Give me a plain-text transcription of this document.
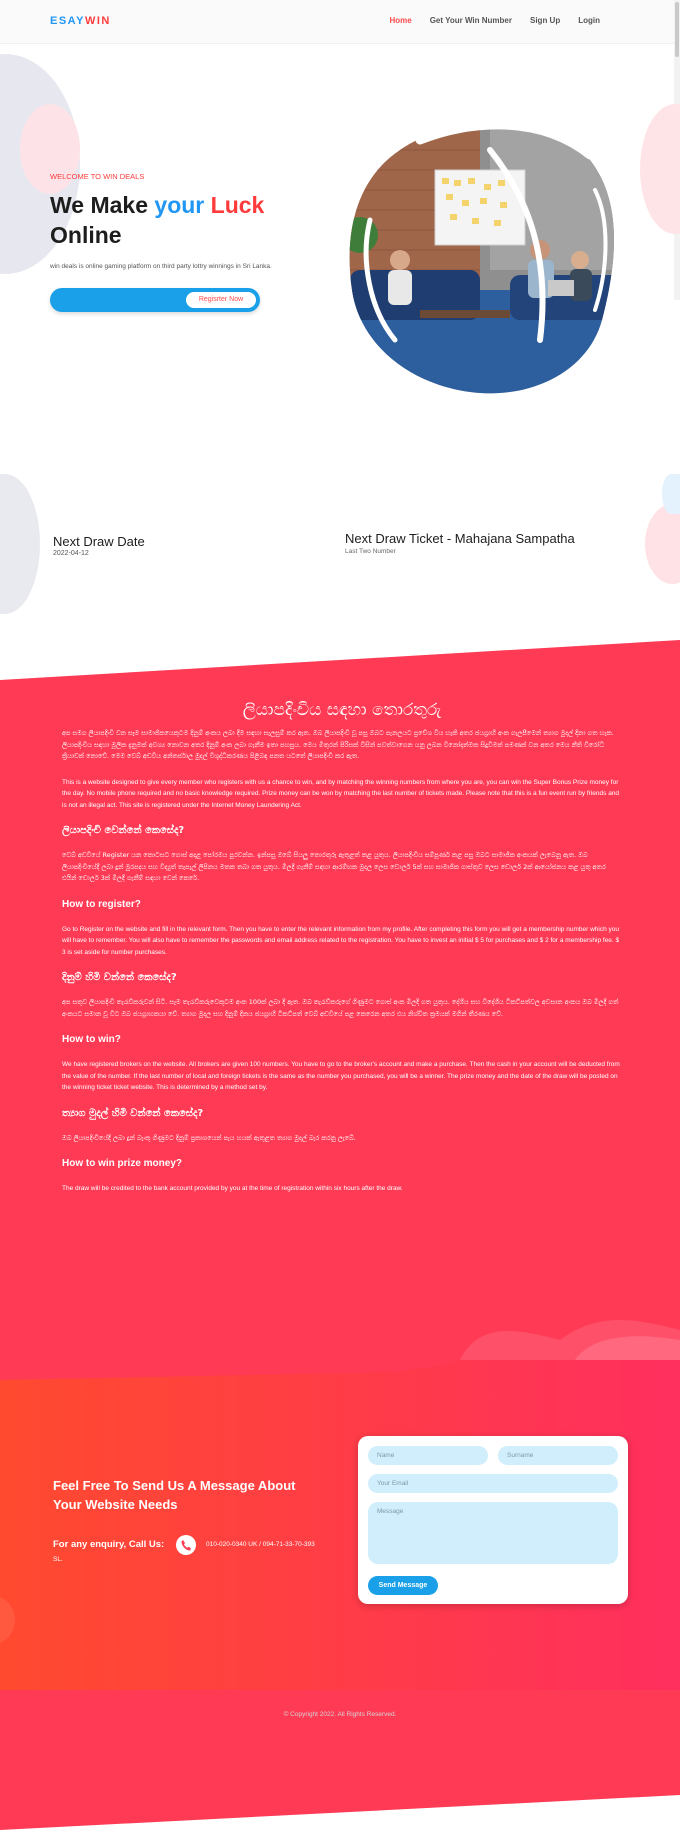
ESAYWIN	Home Get Your Win Number Sign Up Login
WELCOME TO WIN DEALS
We Make your Luck
Online
win deals is online gaming platform on third party lottry winnings in Sri Lanka.
Regisrter Now
Next Draw Date
2022-04-12
Next Draw Ticket - Mahajana Sampatha
Last Two Number
ලියාපදිංචිය සඳහා තොරතුරු

අප සමග ලියාපදිංචි වන සෑම සාමාජිකයෙකුටම දිනුම් අංකය ලබා දීම සඳහා සැලසුම් කර ඇත. ඔබ ලියාපදිංචි වූ පසු ඔබට පැනලයට ප්‍රවේශ විය හැකි අතර ජයග්‍රාහී අංක ගැලපීමෙන් ත්‍යාග මුදල් දිනා ගත හැක. ලියාපදිංචිය සඳහා මූලික දැනුමක් අවශ්‍ය නොවන අතර දිනුම් අංක ලබා ගැනීම ඉතා පහසුය. මෙය මිතුරන් පිරිසක් විසින් පවත්වාගෙන යනු ලබන විනෝදාත්මක සිදුවීමක් පමණක් වන අතර මෙය නීති විරෝධී ක්‍රියාවක් නොවේ. මෙම වෙබ් අඩවිය අන්තර්ජාල මුදල් විශුද්ධිකරණය පිළිබඳ පනත යටතේ ලියාපදිංචි කර ඇත.

This is a website designed to give every member who registers with us a chance to win, and by matching the winning numbers from where you are, you can win the Super Bonus Prize money for the day. No mobile phone required and no basic knowledge required. Prize money can be won by matching the last number of tickets made. Please note that this is a fun event run by friends and is not an illegal act. This site is registered under the Internet Money Laundering Act.

ලියාපදිංචි වෙන්නේ කෙසේද?

වෙබ් අඩවියේ Register යන කොටසට ගොස් අදාළ පෝරමය පුරවන්න. ඉන්පසු ඔබේ සියලු තොරතුරු ඇතුළත් කළ යුතුය. ලියාපදිංචිය සම්පූර්ණ කළ පසු ඔබට සාමාජික අංකයක් ලැබෙනු ඇත. ඔබ ලියාපදිංචියේදී ලබා දුන් මුරපදය සහ විද්‍යුත් තැපැල් ලිපිනය මතක තබා ගත යුතුය. මිලදී ගැනීම් සඳහා ආරම්භක මුදල ලෙස ඩොලර් 5ක් සහ සාමාජික ගාස්තුව ලෙස ඩොලර් 2ක් ආයෝජනය කළ යුතු අතර එයින් ඩොලර් 3ක් මිලදී ගැනීම් සඳහා වෙන් කෙරේ.

How to register?

Go to Register on the website and fill in the relevant form. Then you have to enter the relevant information from my profile. After completing this form you will get a membership number which you will have to remember. You will also have to remember the passwords and email address related to the registration. You have to invest an initial $ 5 for purchases and $ 2 for a membership fee. $ 3 is set aside for number purchases.

දිනුම් හිමි වන්නේ කෙසේද?

අප සතුව ලියාපදිංචි තැරැව්කරුවන් සිටී. සෑම තැරැව්කරුවෙකුටම අංක 100ක් ලබා දී ඇත. ඔබ තැරැව්කරුගේ ගිණුමට ගොස් අංක මිලදී ගත යුතුය. දේශීය සහ විදේශීය ටිකට්පත්වල අවසාන අංකය ඔබ මිලදී ගත් අංකයට සමාන වූ විට ඔබ ජයග්‍රාහකයා වේ. ත්‍යාග මුදල සහ දිනුම් දිනය ජයග්‍රාහී ටිකට්පත් වෙබ් අඩවියේ පළ කෙරෙන අතර එය නිශ්චිත ක්‍රමයක් මගින් තීරණය වේ.

How to win?

We have registered brokers on the website. All brokers are given 100 numbers. You have to go to the broker's account and make a purchase. Then the cash in your account will be deducted from the value of the number. If the last number of local and foreign tickets is the same as the number you purchased, you will be a winner. The prize money and the date of the draw will be posted on the winning ticket ticket website. This is determined by a method set by.

ත්‍යාග මුදල් හිමි වන්නේ කෙසේද?

ඔබ ලියාපදිංචියේදී ලබා දුන් බැංකු ගිණුමට දිනුම් ප්‍රකාශයෙන් පැය හයක් ඇතුළත ත්‍යාග මුදල් බැර කරනු ලැබේ.

How to win prize money?

The draw will be credited to the bank account provided by you at the time of registration within six hours after the draw.

Feel Free To Send Us A Message About Your Website Needs
For any enquiry, Call Us:	010-020-0340 UK / 094-71-33-70-393
SL.
Name	Surname
Your Email
Message
Send Message
© Copyright 2022. All Rights Reserved.
